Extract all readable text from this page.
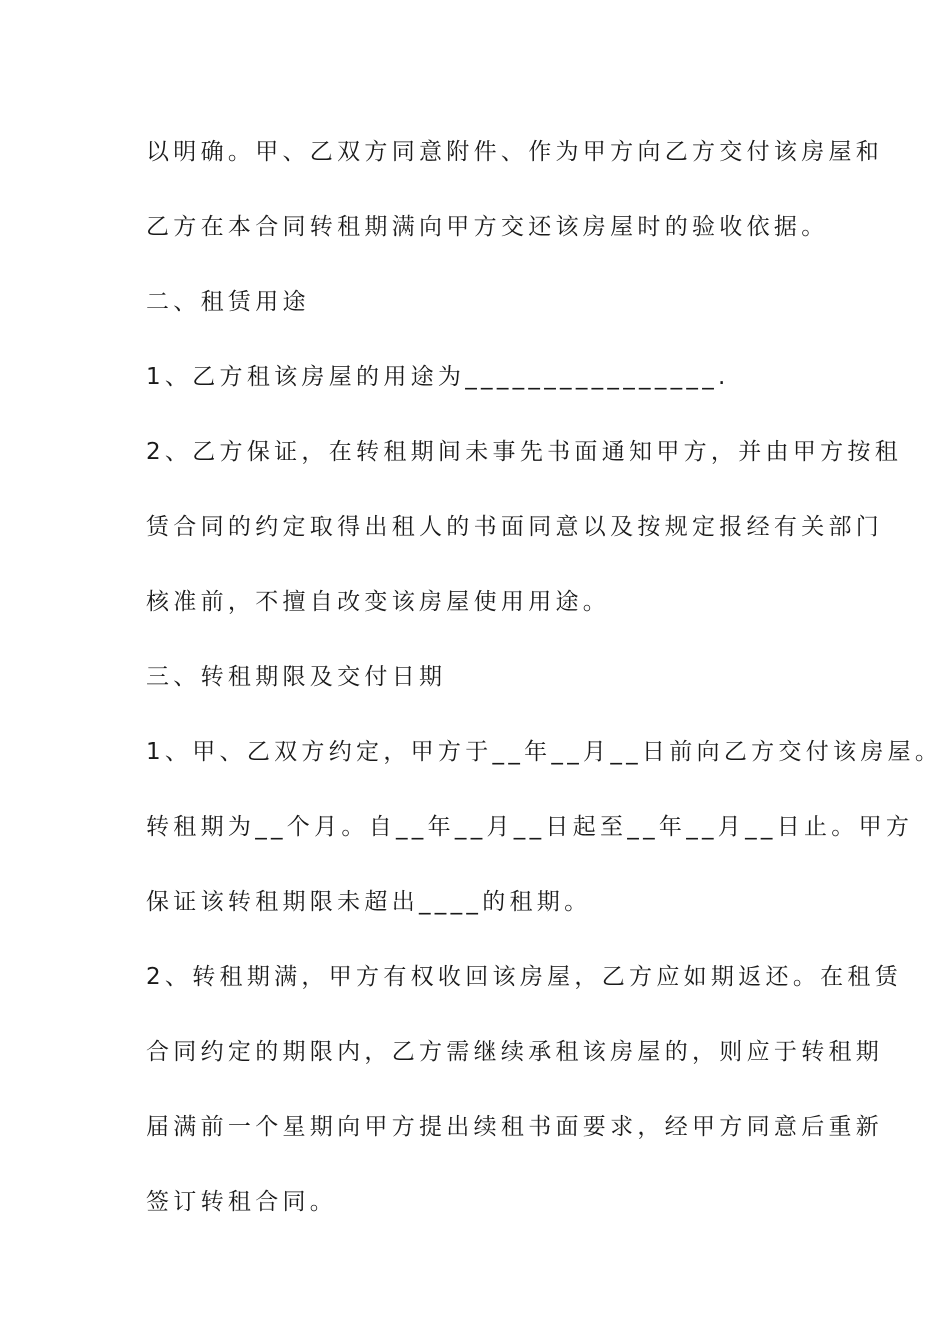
以明确。甲、乙双方同意附件、作为甲方向乙方交付该房屋和
乙方在本合同转租期满向甲方交还该房屋时的验收依据。
二、租赁用途
1、乙方租该房屋的用途为________________.
2、乙方保证，在转租期间未事先书面通知甲方，并由甲方按租
赁合同的约定取得出租人的书面同意以及按规定报经有关部门
核准前，不擅自改变该房屋使用用途。
三、转租期限及交付日期
1、甲、乙双方约定，甲方于__年__月__日前向乙方交付该房屋。
转租期为__个月。自__年__月__日起至__年__月__日止。甲方
保证该转租期限未超出____的租期。
2、转租期满，甲方有权收回该房屋，乙方应如期返还。在租赁
合同约定的期限内，乙方需继续承租该房屋的，则应于转租期
届满前一个星期向甲方提出续租书面要求，经甲方同意后重新
签订转租合同。
